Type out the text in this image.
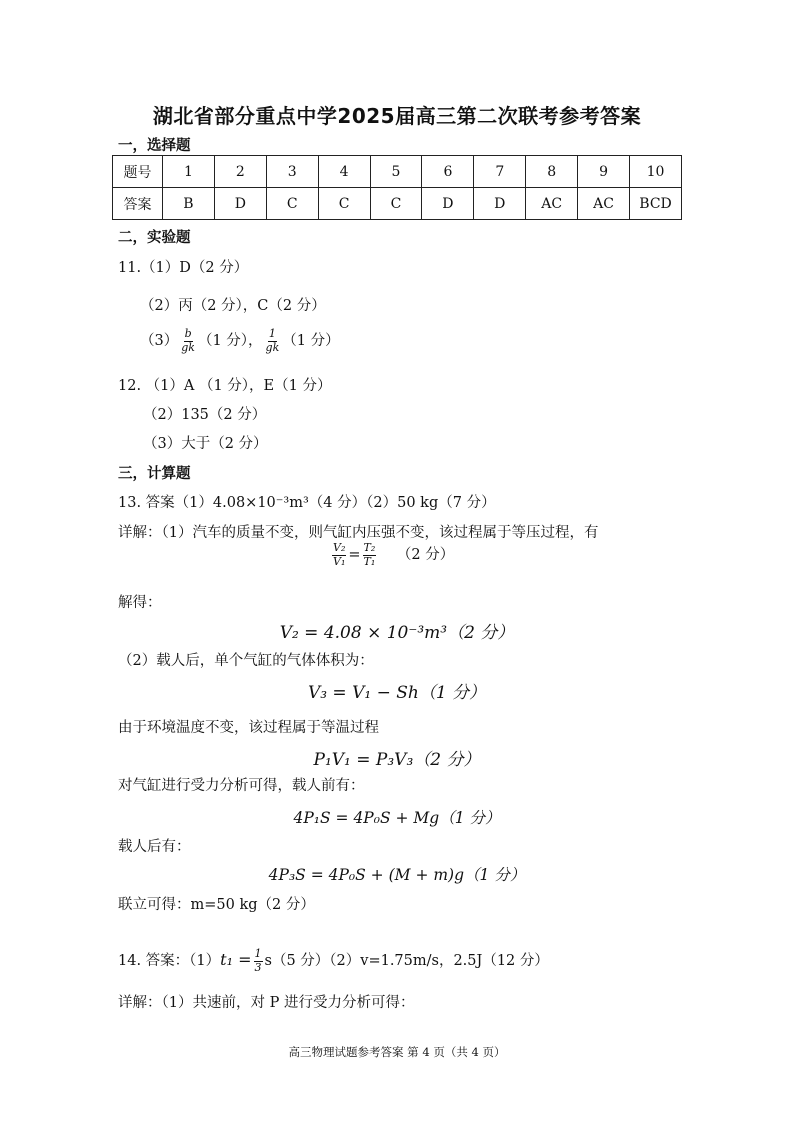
湖北省部分重点中学2025届高三第二次联考参考答案
一，选择题
题号	1	2	3	4	5	6	7	8	9	10
答案	B	D	C	C	C	D	D	AC	AC	BCD
二，实验题
11.（1）D（2 分）
（2）丙（2 分），C（2 分）
$(3) \frac{b}{gk} (1$ 分）， $\frac{1}{gk} (1$ 分）
12. （1）A （1 分），E（1 分）
（2）135（2 分）
（3）大于（2 分）
三，计算题
13. 答案（1）4.08×10⁻³m³（4 分）（2）50 kg（7 分）
详解：（1）汽车的质量不变，则气缸内压强不变，该过程属于等压过程，有
$\frac{\text{V₂}}{\text{V₁}} = \frac{\text{T₂}}{\text{T₁}} (2$ 分）
解得：
V₂ = 4.08 × 10⁻³m³（2 分）
（2）载人后，单个气缸的气体体积为：
V₃ = V₁ − Sh（1 分）
由于环境温度不变，该过程属于等温过程
P₁V₁ = P₃V₃（2 分）
对气缸进行受力分析可得，载人前有：
4P₁S = 4P₀S + Mg（1 分）
载人后有：
4P₃S = 4P₀S + (M + m)g（1 分）
联立可得：m=50 kg（2 分）
14. 答案：$(1)t_1 = \frac{1}{3} s(5$ 分）（2）v=1.75m/s，2.5J（12 分）
详解：（1）共速前，对 P 进行受力分析可得：
高三物理试题参考答案 第 4 页（共 4 页）
